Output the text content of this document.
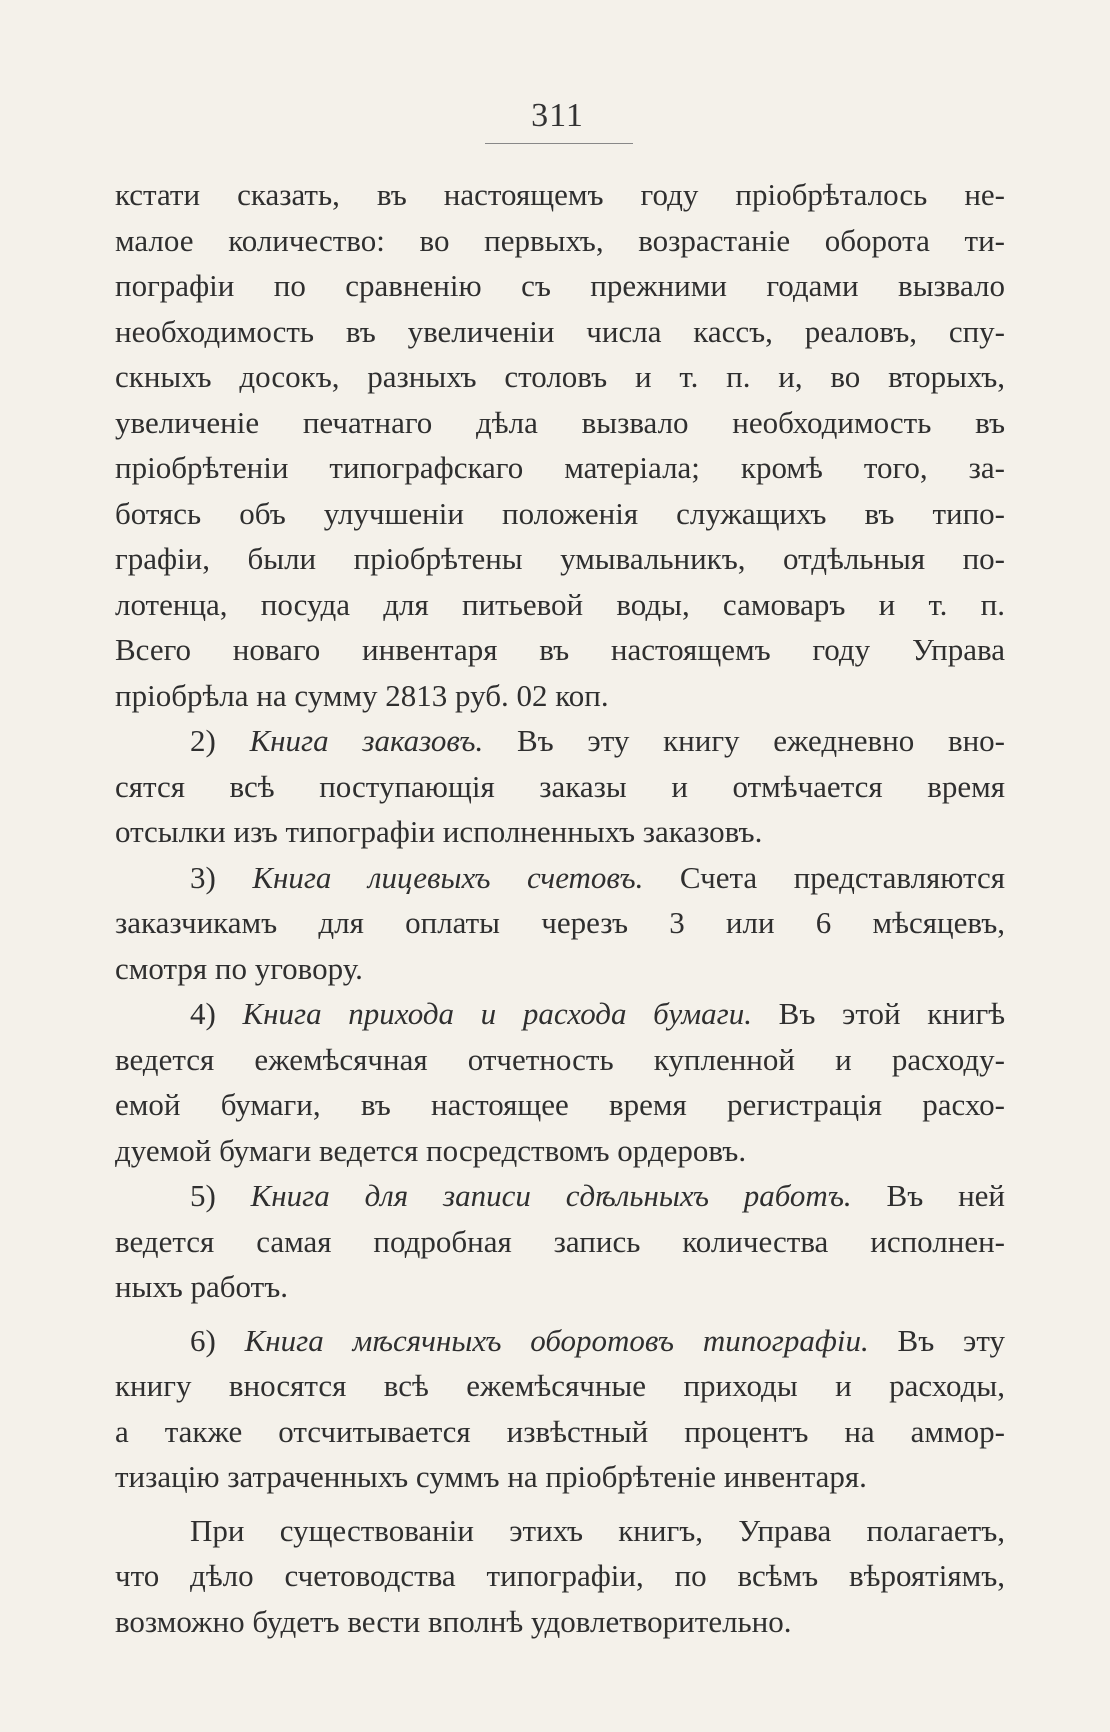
311
кстати сказать, въ настоящемъ году пріобрѣталось не-
малое количество: во первыхъ, возрастаніе оборота ти-
пографіи по сравненію съ прежними годами вызвало
необходимость въ увеличеніи числа кассъ, реаловъ, спу-
скныхъ досокъ, разныхъ столовъ и т. п. и, во вторыхъ,
увеличеніе печатнаго дѣла вызвало необходимость въ
пріобрѣтеніи типографскаго матеріала; кромѣ того, за-
ботясь объ улучшеніи положенія служащихъ въ типо-
графіи, были пріобрѣтены умывальникъ, отдѣльныя по-
лотенца, посуда для питьевой воды, самоваръ и т. п.
Всего новаго инвентаря въ настоящемъ году Управа
пріобрѣла на сумму 2813 руб. 02 коп.
2) Книга заказовъ. Въ эту книгу ежедневно вно-
сятся всѣ поступающія заказы и отмѣчается время
отсылки изъ типографіи исполненныхъ заказовъ.
3) Книга лицевыхъ счетовъ. Счета представляются
заказчикамъ для оплаты черезъ 3 или 6 мѣсяцевъ,
смотря по уговору.
4) Книга прихода и расхода бумаги. Въ этой книгѣ
ведется ежемѣсячная отчетность купленной и расходу-
емой бумаги, въ настоящее время регистрація расхо-
дуемой бумаги ведется посредствомъ ордеровъ.
5) Книга для записи сдѣльныхъ работъ. Въ ней
ведется самая подробная запись количества исполнен-
ныхъ работъ.
6) Книга мѣсячныхъ оборотовъ типографіи. Въ эту
книгу вносятся всѣ ежемѣсячные приходы и расходы,
а также отсчитывается извѣстный процентъ на аммор-
тизацію затраченныхъ суммъ на пріобрѣтеніе инвентаря.
При существованіи этихъ книгъ, Управа полагаетъ,
что дѣло счетоводства типографіи, по всѣмъ вѣроятіямъ,
возможно будетъ вести вполнѣ удовлетворительно.
